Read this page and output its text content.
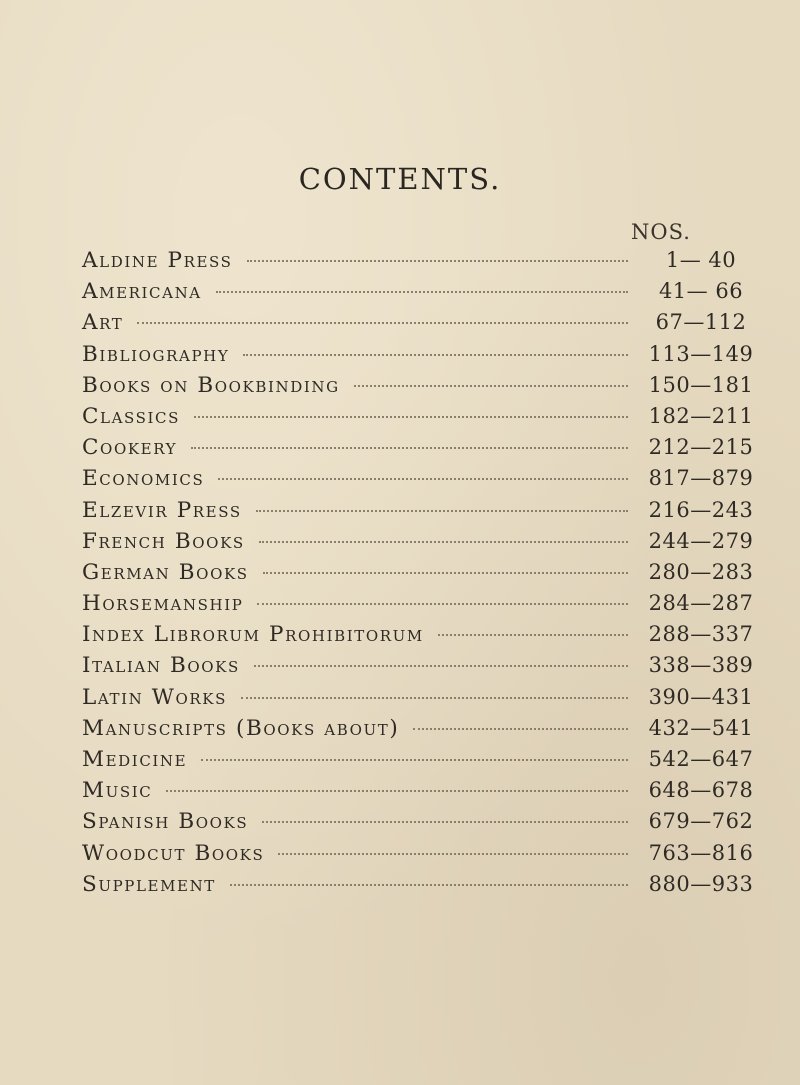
CONTENTS.
NOS.
Aldine Press	1— 40
Americana	41— 66
Art	67—112
Bibliography	113—149
Books on Bookbinding	150—181
Classics	182—211
Cookery	212—215
Economics	817—879
Elzevir Press	216—243
French Books	244—279
German Books	280—283
Horsemanship	284—287
Index Librorum Prohibitorum	288—337
Italian Books	338—389
Latin Works	390—431
Manuscripts (Books about)	432—541
Medicine	542—647
Music	648—678
Spanish Books	679—762
Woodcut Books	763—816
Supplement	880—933
